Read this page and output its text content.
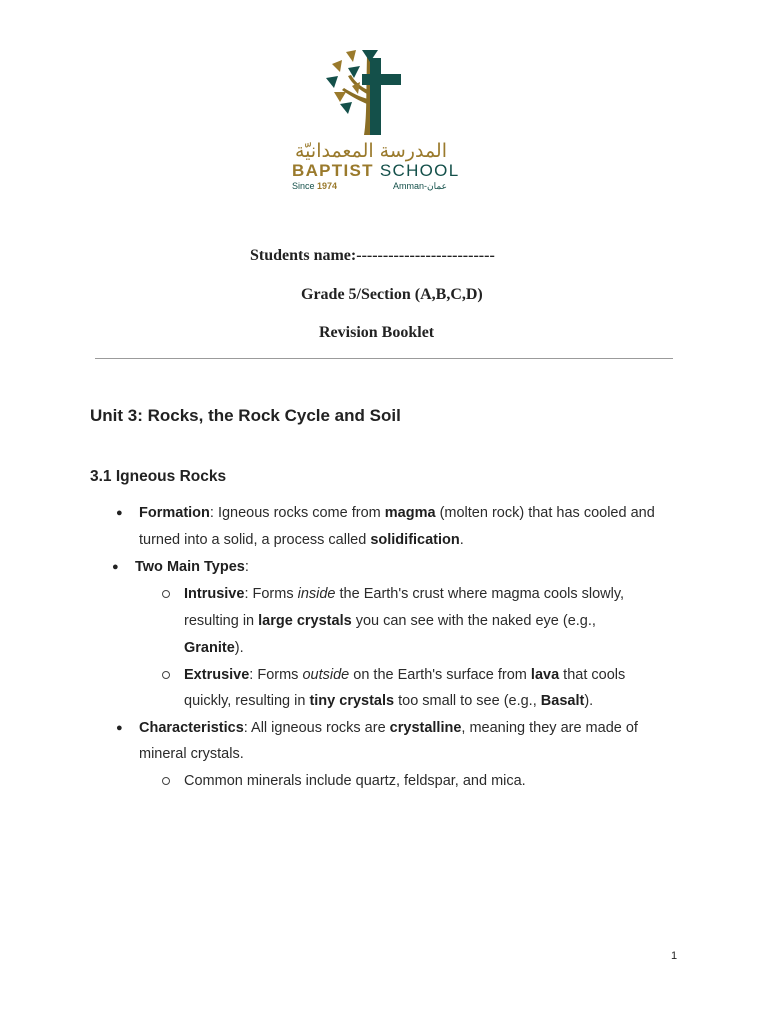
المدرسة المعمدانيّة
BAPTIST SCHOOL
Since 1974	Amman-عمان
Students name:--------------------------
Grade 5/Section (A,B,C,D)
Revision Booklet
Unit 3: Rocks, the Rock Cycle and Soil
3.1 Igneous Rocks
● Formation: Igneous rocks come from magma (molten rock) that has cooled and
turned into a solid, a process called solidification.
● Two Main Types:
Intrusive: Forms inside the Earth's crust where magma cools slowly,
resulting in large crystals you can see with the naked eye (e.g.,
Granite).
Extrusive: Forms outside on the Earth's surface from lava that cools
quickly, resulting in tiny crystals too small to see (e.g., Basalt).
● Characteristics: All igneous rocks are crystalline, meaning they are made of
mineral crystals.
Common minerals include quartz, feldspar, and mica.
1
